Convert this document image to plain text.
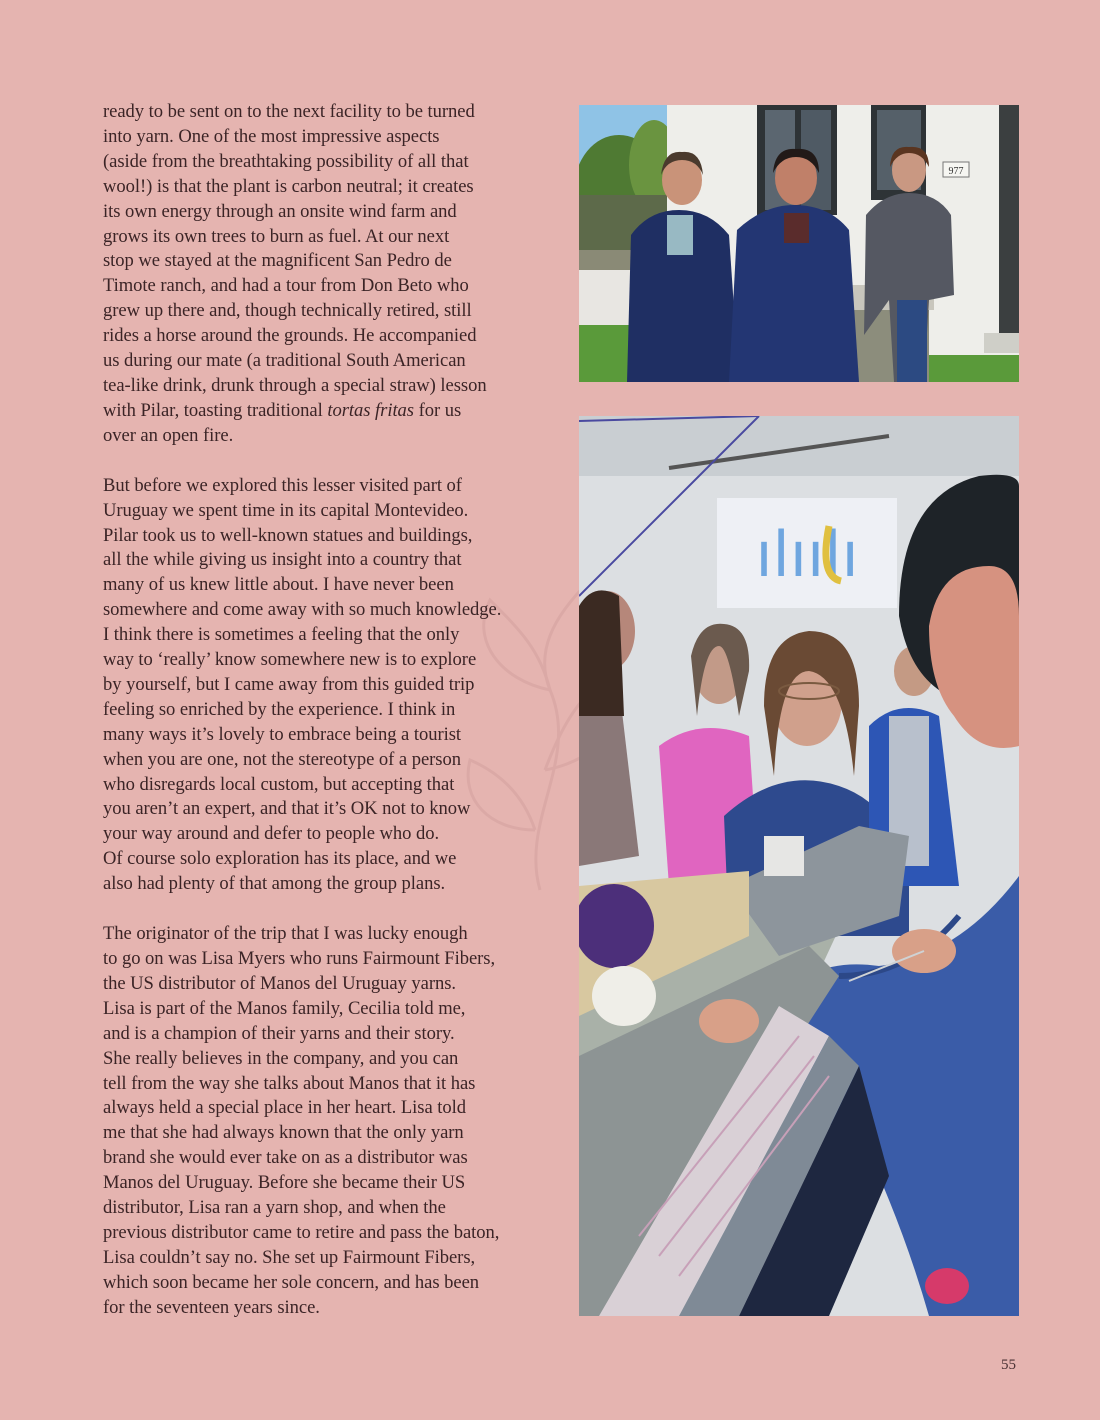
ready to be sent on to the next facility to be turned
into yarn. One of the most impressive aspects
(aside from the breathtaking possibility of all that
wool!) is that the plant is carbon neutral; it creates
its own energy through an onsite wind farm and
grows its own trees to burn as fuel. At our next
stop we stayed at the magnificent San Pedro de
Timote ranch, and had a tour from Don Beto who
grew up there and, though technically retired, still
rides a horse around the grounds. He accompanied
us during our mate (a traditional South American
tea-like drink, drunk through a special straw) lesson
with Pilar, toasting traditional tortas fritas for us
over an open fire.

But before we explored this lesser visited part of
Uruguay we spent time in its capital Montevideo.
Pilar took us to well-known statues and buildings,
all the while giving us insight into a country that
many of us knew little about. I have never been
somewhere and come away with so much knowledge.
I think there is sometimes a feeling that the only
way to ‘really’ know somewhere new is to explore
by yourself, but I came away from this guided trip
feeling so enriched by the experience. I think in
many ways it’s lovely to embrace being a tourist
when you are one, not the stereotype of a person
who disregards local custom, but accepting that
you aren’t an expert, and that it’s OK not to know
your way around and defer to people who do.
Of course solo exploration has its place, and we
also had plenty of that among the group plans.

The originator of the trip that I was lucky enough
to go on was Lisa Myers who runs Fairmount Fibers,
the US distributor of Manos del Uruguay yarns.
Lisa is part of the Manos family, Cecilia told me,
and is a champion of their yarns and their story.
She really believes in the company, and you can
tell from the way she talks about Manos that it has
always held a special place in her heart. Lisa told
me that she had always known that the only yarn
brand she would ever take on as a distributor was
Manos del Uruguay. Before she became their US
distributor, Lisa ran a yarn shop, and when the
previous distributor came to retire and pass the baton,
Lisa couldn’t say no. She set up Fairmount Fibers,
which soon became her sole concern, and has been
for the seventeen years since.

977
ılıılı
55
